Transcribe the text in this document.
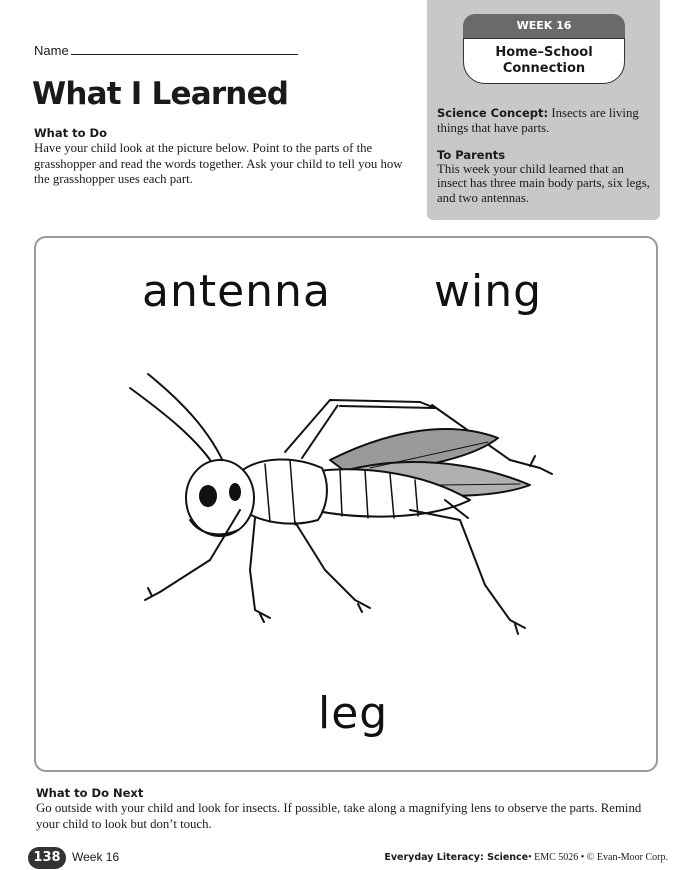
Name
What I Learned
What to Do
Have your child look at the picture below. Point to the parts of the grasshopper and read the words together. Ask your child to tell you how the grasshopper uses each part.
WEEK 16
Home–School
Connection
Science Concept: Insects are living things that have parts.
To Parents
This week your child learned that an insect has three main body parts, six legs, and two antennas.
antenna wing
leg
What to Do Next
Go outside with your child and look for insects. If possible, take along a magnifying lens to observe the parts. Remind your child to look but don’t touch.
138 Week 16	Everyday Literacy: Science• EMC 5026 • © Evan-Moor Corp.
